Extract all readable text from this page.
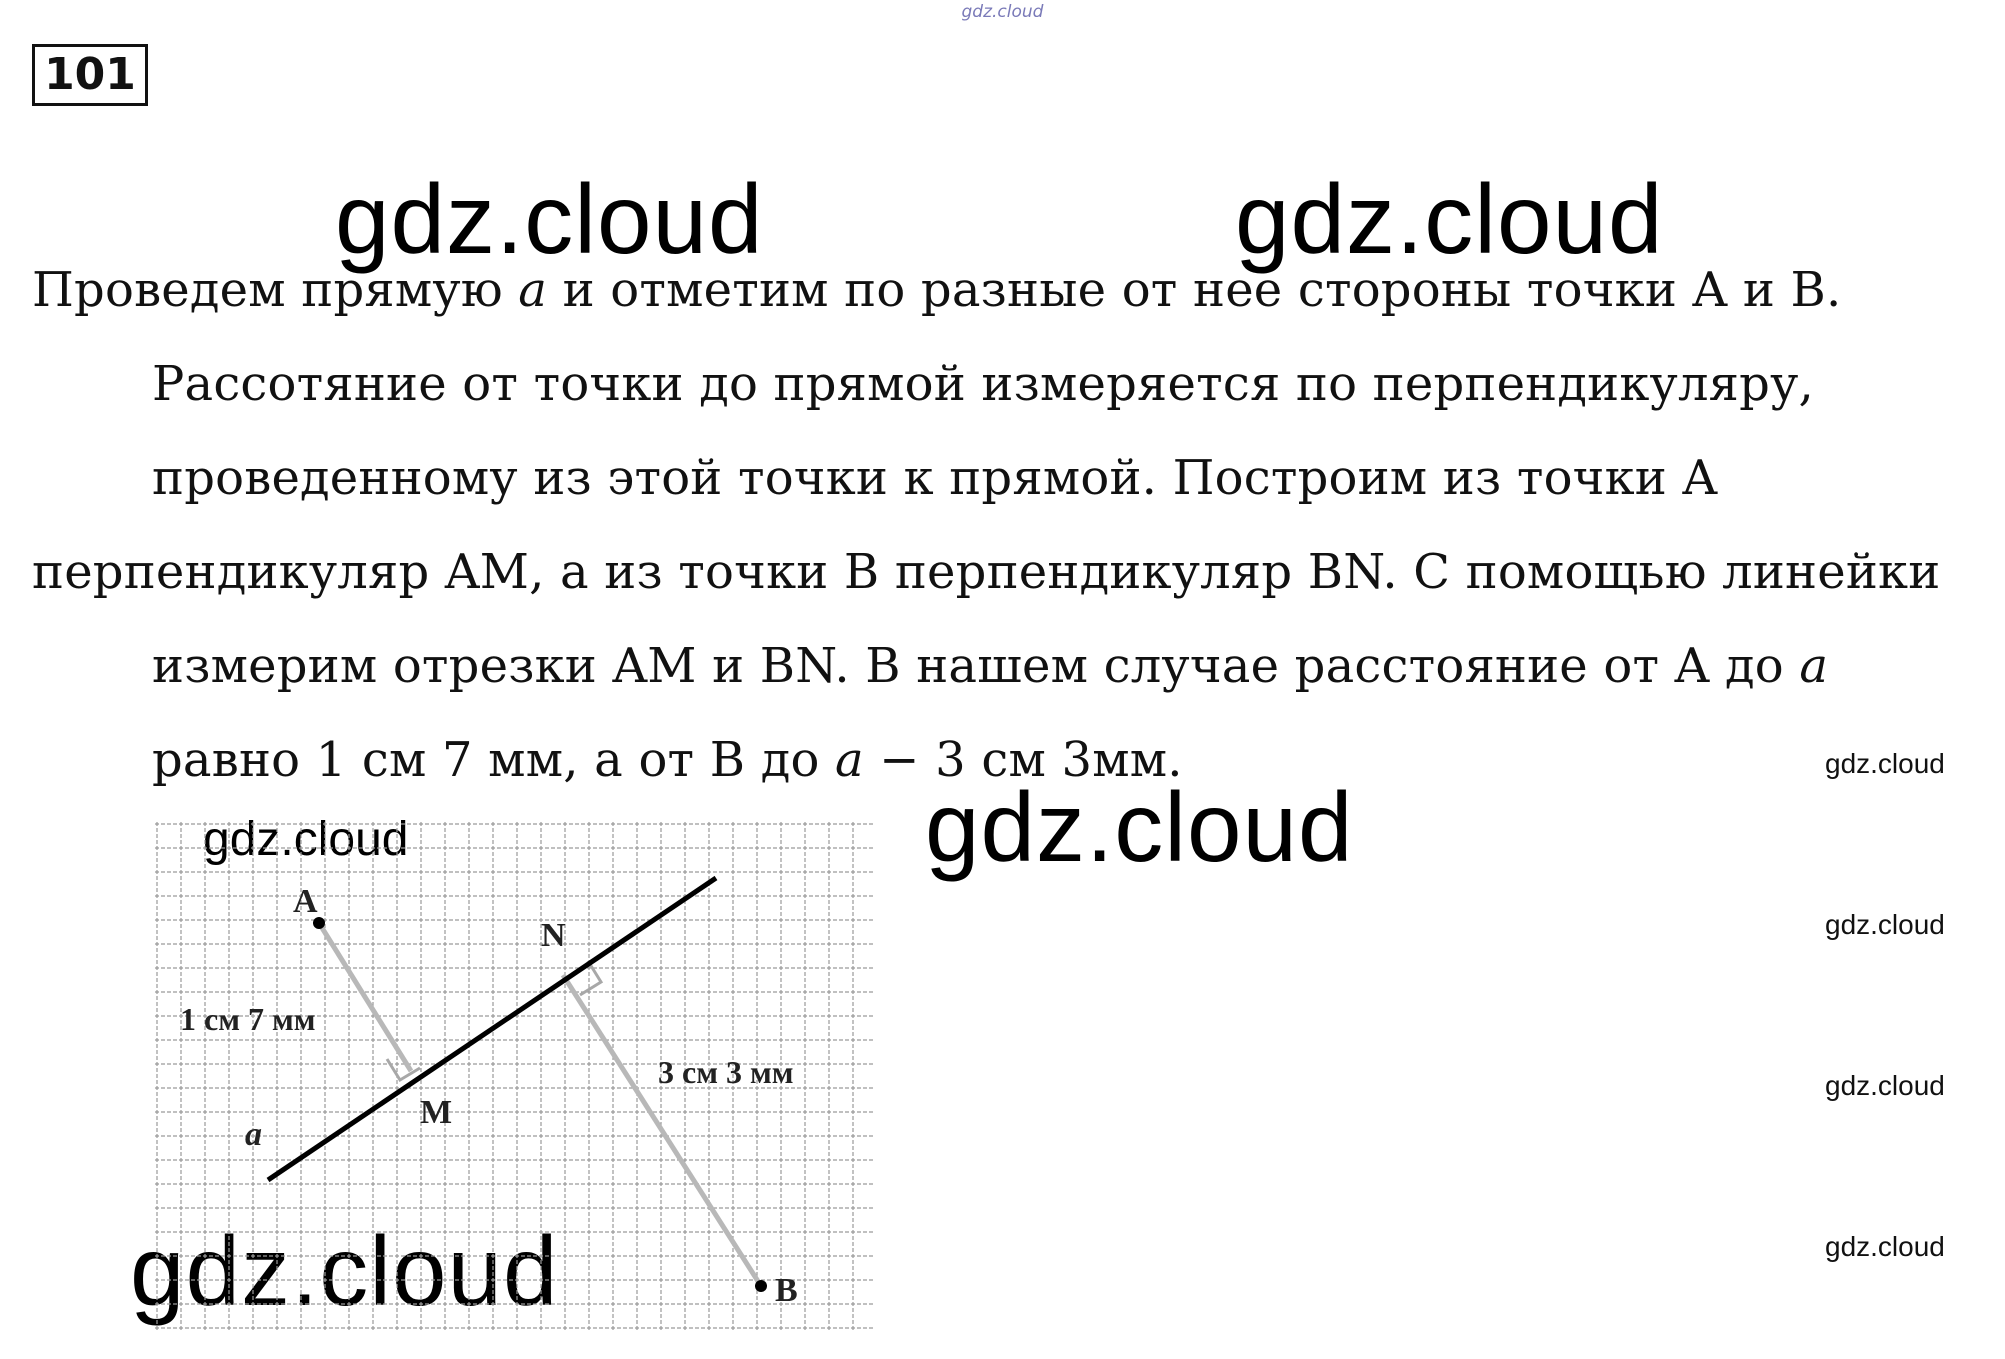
gdz.cloud
101
gdz.cloud	gdz.cloud
gdz.cloud
gdz.cloud
gdz.cloud
gdz.cloud
gdz.cloud
gdz.cloud
gdz.cloud
Проведем прямую a и отметим по разные от нее стороны точки A и B.
Рассотяние от точки до прямой измеряется по перпендикуляру,
проведенному из этой точки к прямой. Построим из точки A
перпендикуляр AM, а из точки B перпендикуляр BN. С помощью линейки
измерим отрезки AM и BN. В нашем случае расстояние от A до a
равно 1 см 7 мм, а от B до a − 3 см 3мм.
A
N
M
B
a
1 см 7 мм
3 см 3 мм
